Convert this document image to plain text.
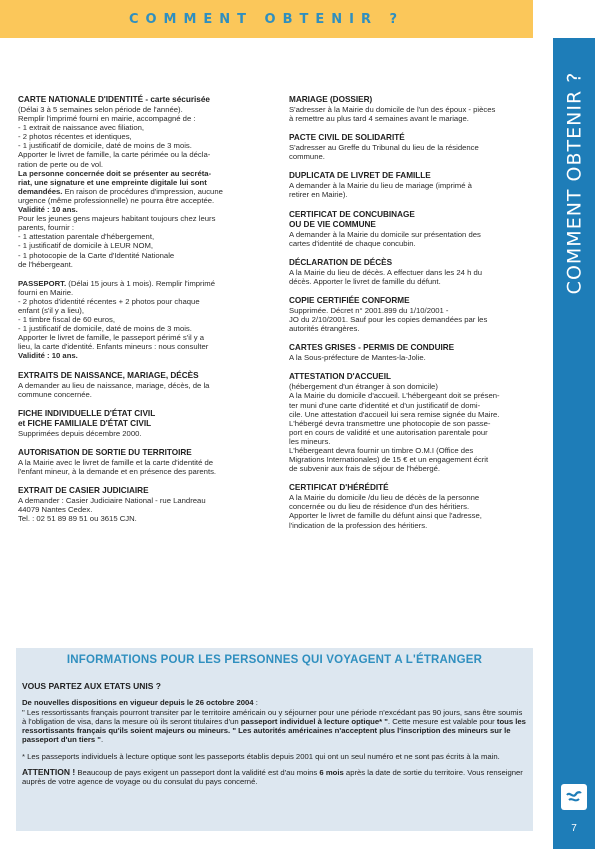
COMMENT OBTENIR ?
COMMENT OBTENIR ?
7
CARTE NATIONALE D'IDENTITÉ - carte sécurisée
(Délai 3 à 5 semaines selon période de l'année).
Remplir l'imprimé fourni en mairie, accompagné de :
- 1 extrait de naissance avec filiation,
- 2 photos récentes et identiques,
- 1 justificatif de domicile, daté de moins de 3 mois.
Apporter le livret de famille, la carte périmée ou la décla-
ration de perte ou de vol.
La personne concernée doit se présenter au secréta-
riat, une signature et une empreinte digitale lui sont
demandées. En raison de procédures d'impression, aucune
urgence (même professionnelle) ne pourra être acceptée.
Validité : 10 ans.
Pour les jeunes gens majeurs habitant toujours chez leurs
parents, fournir :
- 1 attestation parentale d'hébergement,
- 1 justificatif de domicile à LEUR NOM,
- 1 photocopie de la Carte d'Identité Nationale
de l'hébergeant.
PASSEPORT. (Délai 15 jours à 1 mois). Remplir l'imprimé
fourni en Mairie.
- 2 photos d'identité récentes + 2 photos pour chaque
enfant (s'il y a lieu),
- 1 timbre fiscal de 60 euros,
- 1 justificatif de domicile, daté de moins de 3 mois.
Apporter le livret de famille, le passeport périmé s'il y a
lieu, la carte d'identité. Enfants mineurs : nous consulter
Validité : 10 ans.
EXTRAITS DE NAISSANCE, MARIAGE, DÉCÈS
A demander au lieu de naissance, mariage, décès, de la
commune concernée.
FICHE INDIVIDUELLE D'ÉTAT CIVIL
et FICHE FAMILIALE D'ÉTAT CIVIL
Supprimées depuis décembre 2000.
AUTORISATION DE SORTIE DU TERRITOIRE
A la Mairie avec le livret de famille et la carte d'identité de
l'enfant mineur, à la demande et en présence des parents.
EXTRAIT DE CASIER JUDICIAIRE
A demander : Casier Judiciaire National - rue Landreau
44079 Nantes Cedex.
Tel. : 02 51 89 89 51 ou 3615 CJN.
MARIAGE (DOSSIER)
S'adresser à la Mairie du domicile de l'un des époux - pièces
à remettre au plus tard 4 semaines avant le mariage.
PACTE CIVIL DE SOLIDARITÉ
S'adresser au Greffe du Tribunal du lieu de la résidence
commune.
DUPLICATA DE LIVRET DE FAMILLE
A demander à la Mairie du lieu de mariage (imprimé à
retirer en Mairie).
CERTIFICAT DE CONCUBINAGE
OU DE VIE COMMUNE
A demander à la Mairie du domicile sur présentation des
cartes d'identité de chaque concubin.
DÉCLARATION DE DÉCÈS
A la Mairie du lieu de décès. A effectuer dans les 24 h du
décès. Apporter le livret de famille du défunt.
COPIE CERTIFIÉE CONFORME
Supprimée. Décret n° 2001.899 du 1/10/2001 -
JO du 2/10/2001. Sauf pour les copies demandées par les
autorités étrangères.
CARTES GRISES - PERMIS DE CONDUIRE
A la Sous-préfecture de Mantes-la-Jolie.
ATTESTATION D'ACCUEIL
(hébergement d'un étranger à son domicile)
A la Mairie du domicile d'accueil. L'hébergeant doit se présen-
ter muni d'une carte d'identité et d'un justificatif de domi-
cile. Une attestation d'accueil lui sera remise signée du Maire.
L'hébergé devra transmettre une photocopie de son passe-
port en cours de validité et une autorisation parentale pour
les mineurs.
L'hébergeant devra fournir un timbre O.M.I (Office des
Migrations Internationales) de 15 € et un engagement écrit
de subvenir aux frais de séjour de l'hébergé.
CERTIFICAT D'HÉRÉDITÉ
A la Mairie du domicile /du lieu de décès de la personne
concernée ou du lieu de résidence d'un des héritiers.
Apporter le livret de famille du défunt ainsi que l'adresse,
l'indication de la profession des héritiers.
INFORMATIONS POUR LES PERSONNES QUI VOYAGENT A L'ÉTRANGER
VOUS PARTEZ AUX ETATS UNIS ?
De nouvelles dispositions en vigueur depuis le 26 octobre 2004 :
" Les ressortissants français pourront transiter par le territoire américain ou y séjourner pour une période n'excédant pas 90 jours, sans être soumis à l'obligation de visa, dans la mesure où ils seront titulaires d'un passeport individuel à lecture optique* ". Cette mesure est valable pour tous les ressortissants français qu'ils soient majeurs ou mineurs. " Les autorités américaines n'acceptent plus l'inscription des mineurs sur le passeport d'un tiers ".
* Les passeports individuels à lecture optique sont les passeports établis depuis 2001 qui ont un seul numéro et ne sont pas écrits à la main.
ATTENTION ! Beaucoup de pays exigent un passeport dont la validité est d'au moins 6 mois après la date de sortie du territoire. Vous renseigner auprès de votre agence de voyage ou du consulat du pays concerné.
